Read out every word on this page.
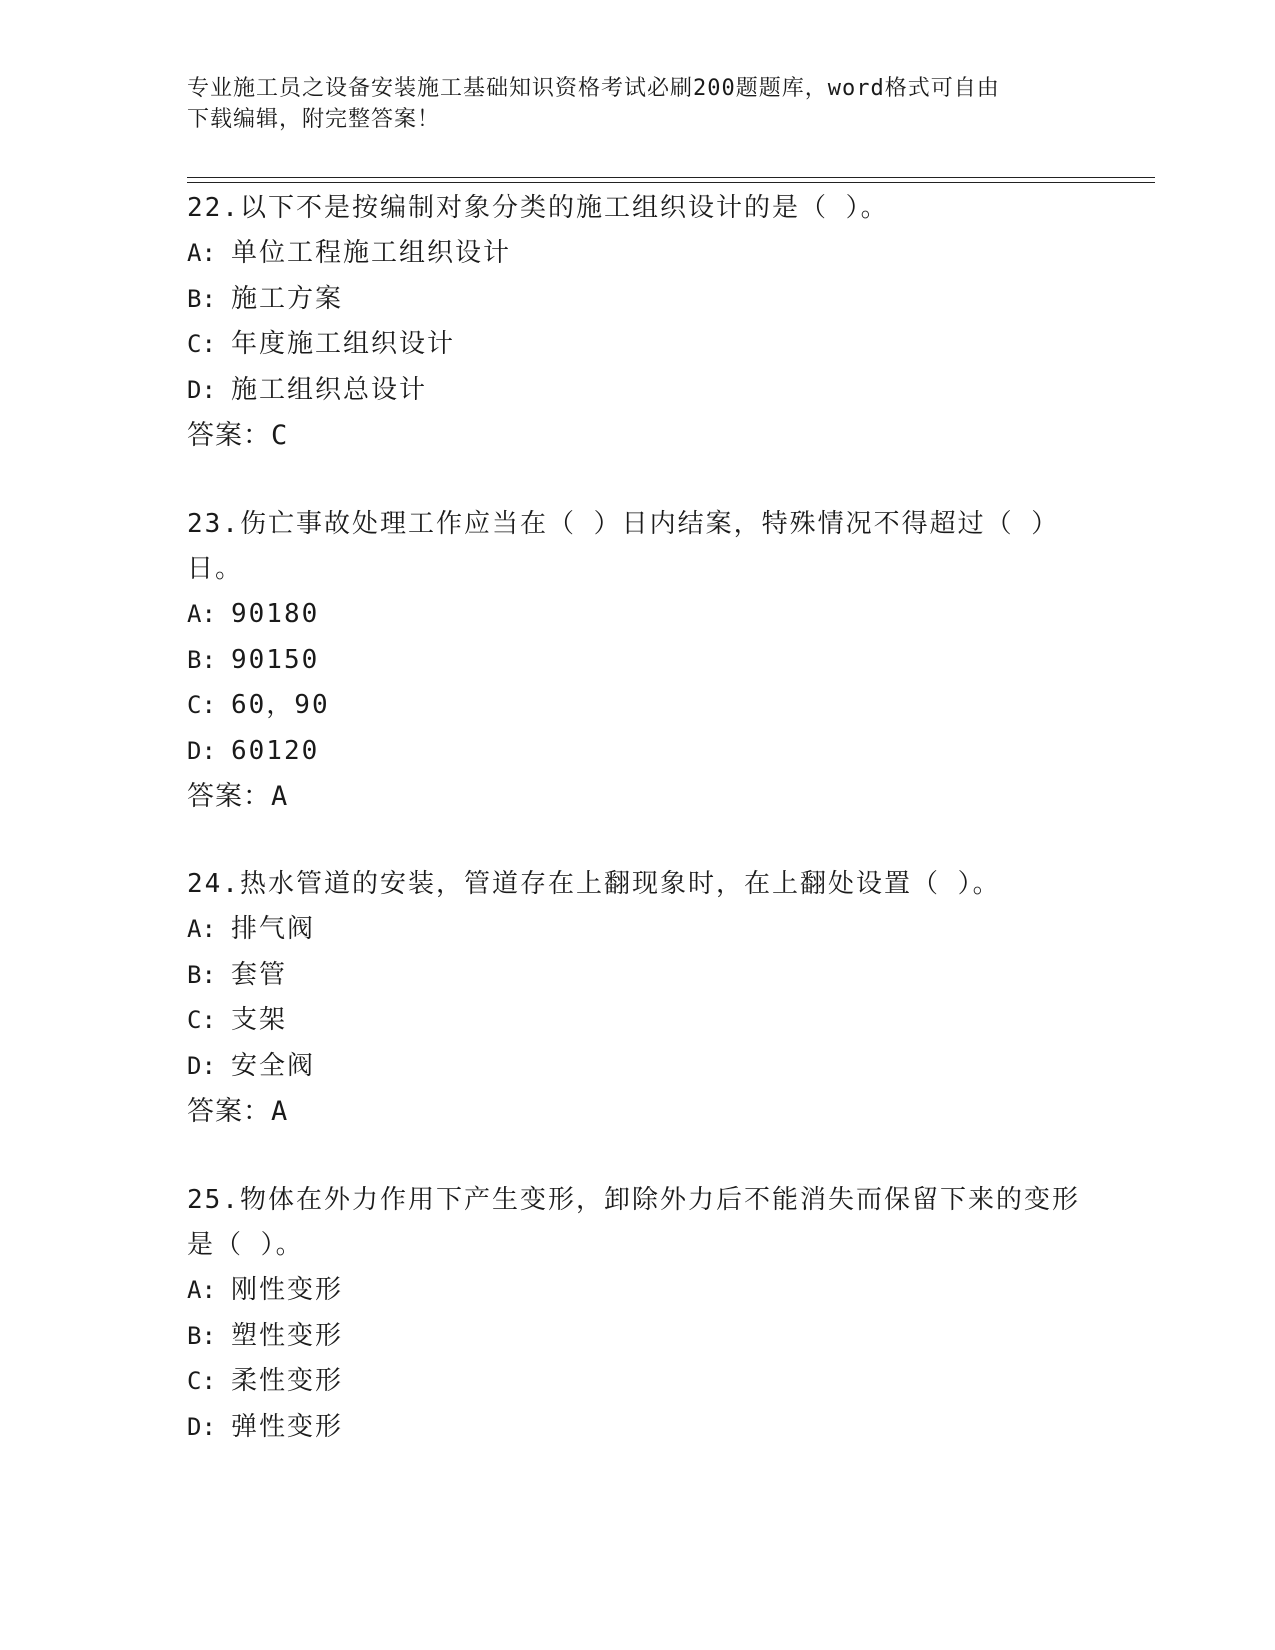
专业施工员之设备安装施工基础知识资格考试必刷200题题库，word格式可自由
下载编辑，附完整答案！

22.以下不是按编制对象分类的施工组织设计的是（ ）。

A: 单位工程施工组织设计

B: 施工方案

C: 年度施工组织设计

D: 施工组织总设计

答案：C

23.伤亡事故处理工作应当在（ ）日内结案，特殊情况不得超过（ ）日。

A: 90180

B: 90150

C: 60，90

D: 60120

答案：A

24.热水管道的安装，管道存在上翻现象时，在上翻处设置（ ）。

A: 排气阀

B: 套管

C: 支架

D: 安全阀

答案：A

25.物体在外力作用下产生变形，卸除外力后不能消失而保留下来的变形是（ ）。

A: 刚性变形

B: 塑性变形

C: 柔性变形

D: 弹性变形
